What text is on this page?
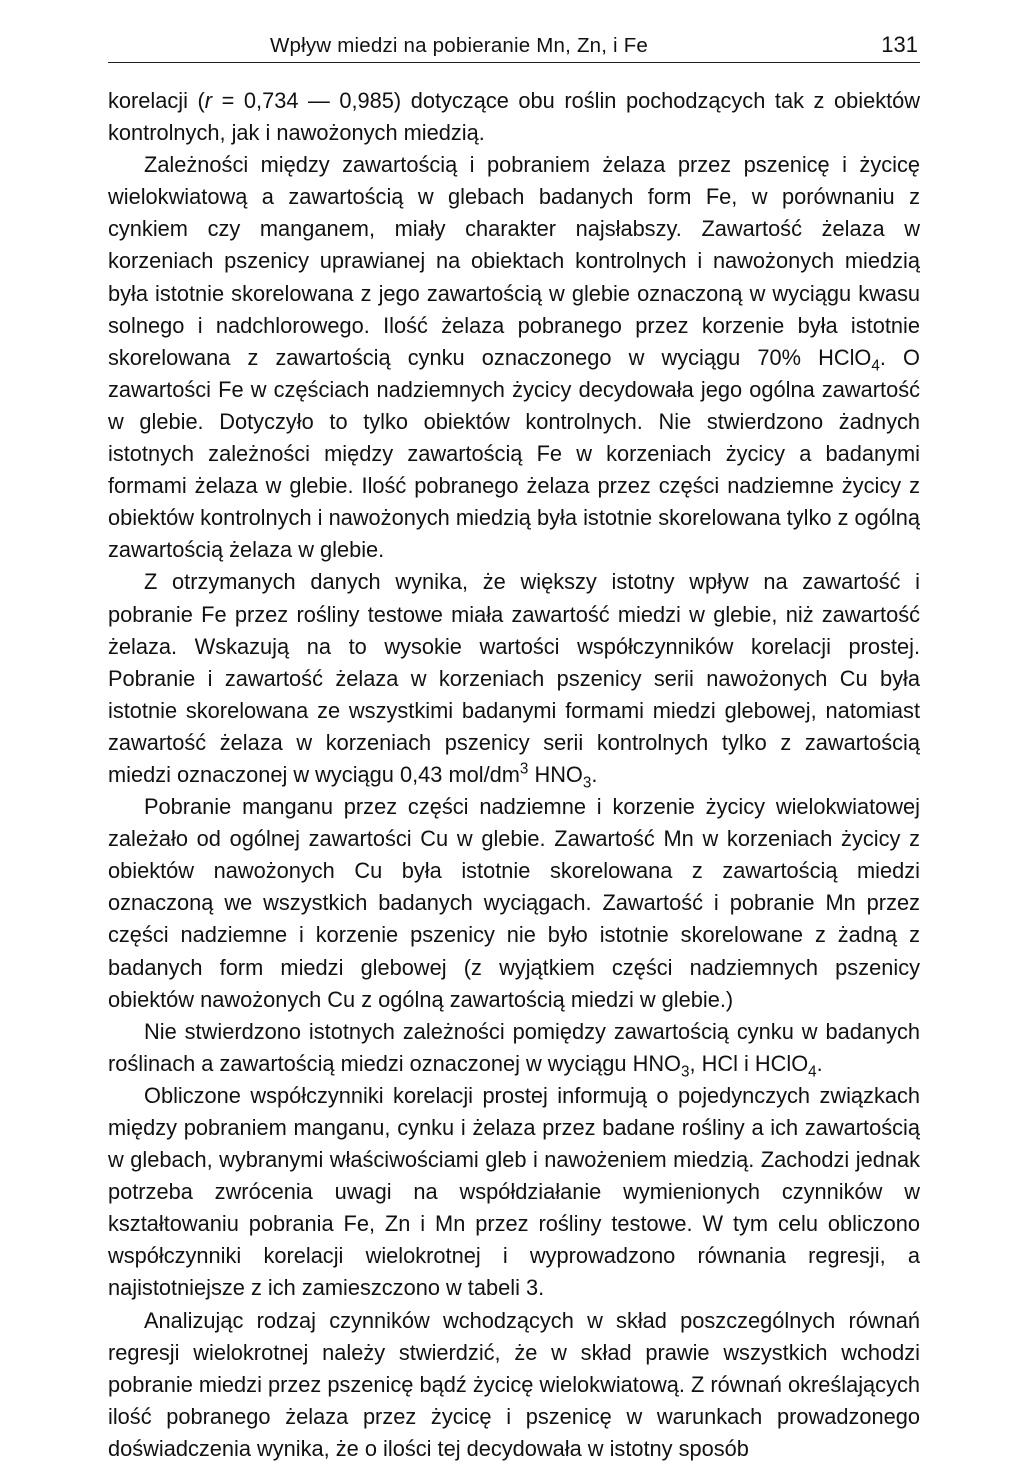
Wpływ miedzi na pobieranie Mn, Zn, i Fe	131

korelacji (r = 0,734 — 0,985) dotyczące obu roślin pochodzących tak z obiektów kontrolnych, jak i nawożonych miedzią.

Zależności między zawartością i pobraniem żelaza przez pszenicę i życicę wielokwiatową a zawartością w glebach badanych form Fe, w porównaniu z cynkiem czy manganem, miały charakter najsłabszy. Zawartość żelaza w korzeniach pszenicy uprawianej na obiektach kontrolnych i nawożonych miedzią była istotnie skorelowana z jego zawartością w glebie oznaczoną w wyciągu kwasu solnego i nadchlorowego. Ilość żelaza pobranego przez korzenie była istotnie skorelowana z zawartością cynku oznaczonego w wyciągu 70% HClO$_4$. O zawartości Fe w częściach nadziemnych życicy decydowała jego ogólna zawartość w glebie. Dotyczyło to tylko obiektów kontrolnych. Nie stwierdzono żadnych istotnych zależności między zawartością Fe w korzeniach życicy a badanymi formami żelaza w glebie. Ilość pobranego żelaza przez części nadziemne życicy z obiektów kontrolnych i nawożonych miedzią była istotnie skorelowana tylko z ogólną zawartością żelaza w glebie.

Z otrzymanych danych wynika, że większy istotny wpływ na zawartość i pobranie Fe przez rośliny testowe miała zawartość miedzi w glebie, niż zawartość żelaza. Wskazują na to wysokie wartości współczynników korelacji prostej. Pobranie i zawartość żelaza w korzeniach pszenicy serii nawożonych Cu była istotnie skorelowana ze wszystkimi badanymi formami miedzi glebowej, natomiast zawartość żelaza w korzeniach pszenicy serii kontrolnych tylko z zawartością miedzi oznaczonej w wyciągu 0,43 mol/$dm^3$ $HNO_3$.

Pobranie manganu przez części nadziemne i korzenie życicy wielokwiatowej zależało od ogólnej zawartości Cu w glebie. Zawartość Mn w korzeniach życicy z obiektów nawożonych Cu była istotnie skorelowana z zawartością miedzi oznaczoną we wszystkich badanych wyciągach. Zawartość i pobranie Mn przez części nadziemne i korzenie pszenicy nie było istotnie skorelowane z żadną z badanych form miedzi glebowej (z wyjątkiem części nadziemnych pszenicy obiektów nawożonych Cu z ogólną zawartością miedzi w glebie.)

Nie stwierdzono istotnych zależności pomiędzy zawartością cynku w badanych roślinach a zawartością miedzi oznaczonej w wyciągu $HNO_3$, HCl i HClO$_4$.

Obliczone współczynniki korelacji prostej informują o pojedynczych związkach między pobraniem manganu, cynku i żelaza przez badane rośliny a ich zawartością w glebach, wybranymi właściwościami gleb i nawożeniem miedzią. Zachodzi jednak potrzeba zwrócenia uwagi na współdziałanie wymienionych czynników w kształtowaniu pobrania Fe, Zn i Mn przez rośliny testowe. W tym celu obliczono współczynniki korelacji wielokrotnej i wyprowadzono równania regresji, a najistotniejsze z ich zamieszczono w tabeli 3.

Analizując rodzaj czynników wchodzących w skład poszczególnych równań regresji wielokrotnej należy stwierdzić, że w skład prawie wszystkich wchodzi pobranie miedzi przez pszenicę bądź życicę wielokwiatową. Z równań określających ilość pobranego żelaza przez życicę i pszenicę w warunkach prowadzonego doświadczenia wynika, że o ilości tej decydowała w istotny sposób
